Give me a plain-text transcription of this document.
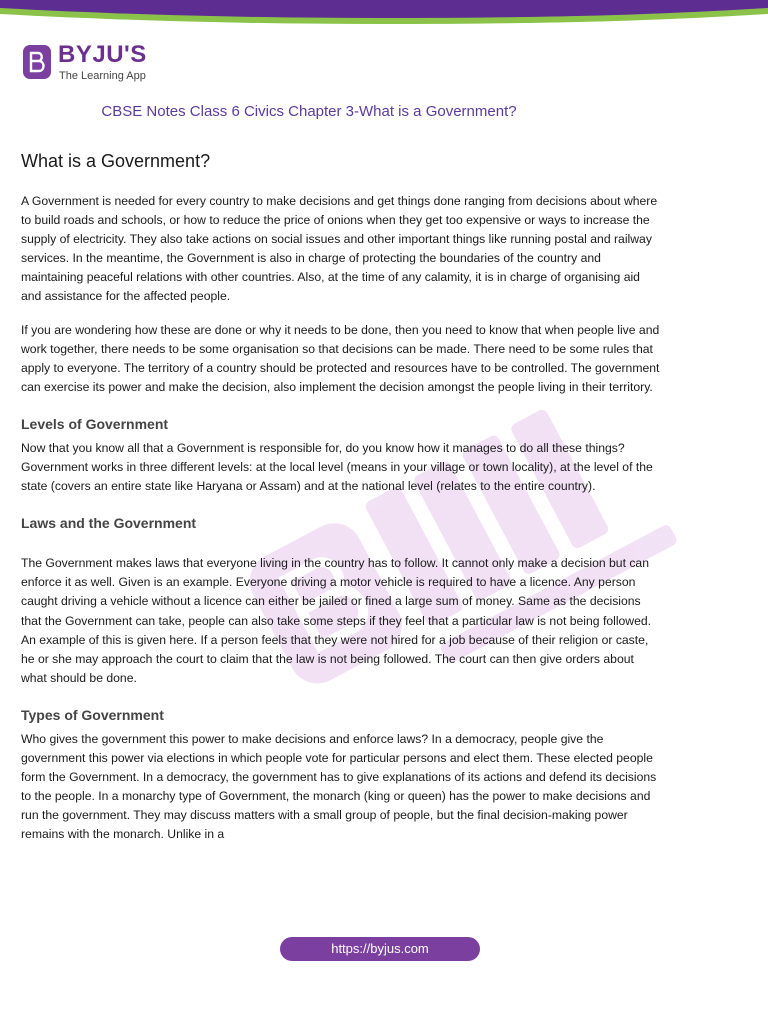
BYJU'S
The Learning App
CBSE Notes Class 6 Civics Chapter 3-What is a Government?
What is a Government?

A Government is needed for every country to make decisions and get things done ranging from decisions about where to build roads and schools, or how to reduce the price of onions when they get too expensive or ways to increase the supply of electricity. They also take actions on social issues and other important things like running postal and railway services. In the meantime, the Government is also in charge of protecting the boundaries of the country and maintaining peaceful relations with other countries. Also, at the time of any calamity, it is in charge of organising aid and assistance for the affected people.

If you are wondering how these are done or why it needs to be done, then you need to know that when people live and work together, there needs to be some organisation so that decisions can be made. There need to be some rules that apply to everyone. The territory of a country should be protected and resources have to be controlled. The government can exercise its power and make the decision, also implement the decision amongst the people living in their territory.

Levels of Government

Now that you know all that a Government is responsible for, do you know how it manages to do all these things? Government works in three different levels: at the local level (means in your village or town locality), at the level of the state (covers an entire state like Haryana or Assam) and at the national level (relates to the entire country).

Laws and the Government

The Government makes laws that everyone living in the country has to follow. It cannot only make a decision but can enforce it as well. Given is an example. Everyone driving a motor vehicle is required to have a licence. Any person caught driving a vehicle without a licence can either be jailed or fined a large sum of money. Same as the decisions that the Government can take, people can also take some steps if they feel that a particular law is not being followed. An example of this is given here. If a person feels that they were not hired for a job because of their religion or caste, he or she may approach the court to claim that the law is not being followed. The court can then give orders about what should be done.

Types of Government

Who gives the government this power to make decisions and enforce laws? In a democracy, people give the government this power via elections in which people vote for particular persons and elect them. These elected people form the Government. In a democracy, the government has to give explanations of its actions and defend its decisions to the people. In a monarchy type of Government, the monarch (king or queen) has the power to make decisions and run the government. They may discuss matters with a small group of people, but the final decision-making power remains with the monarch. Unlike in a

https://byjus.com
